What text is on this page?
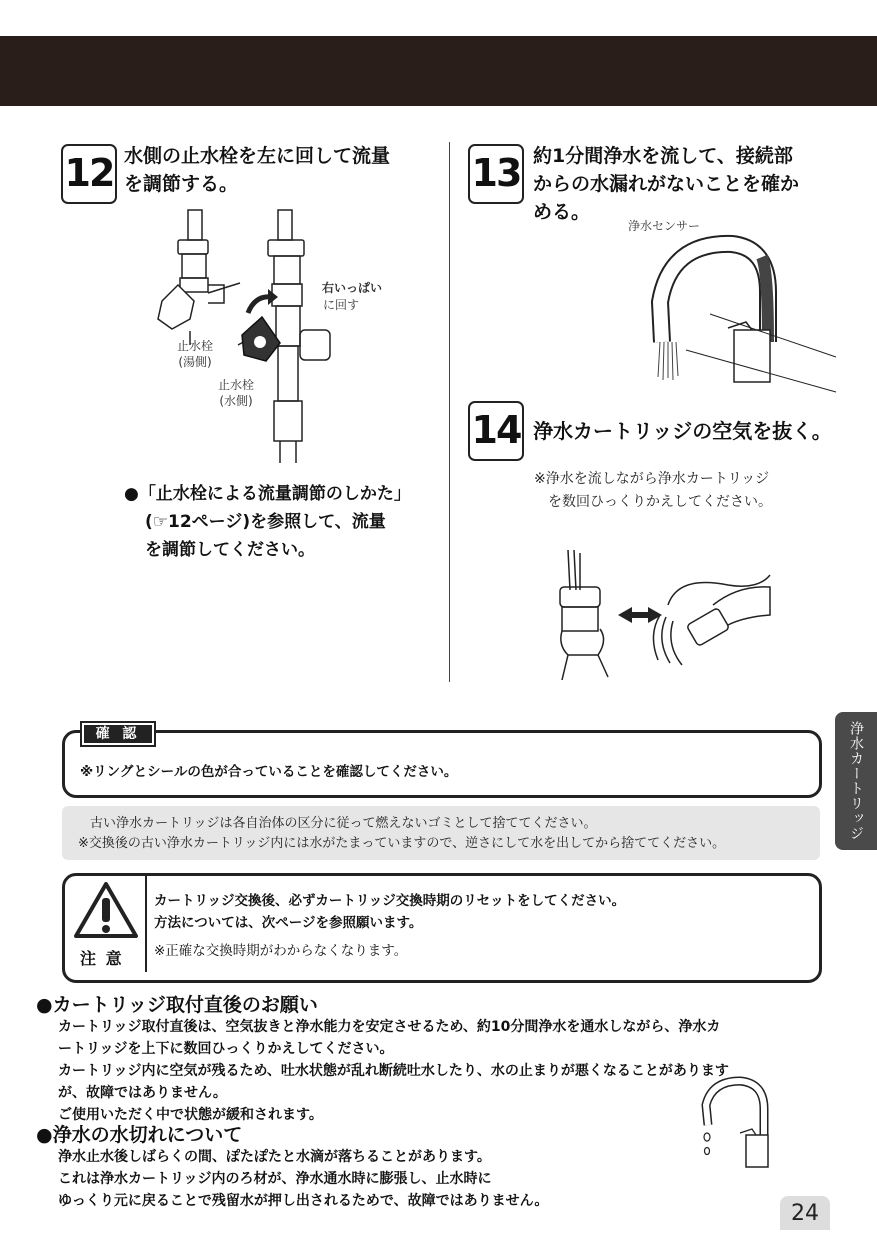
12 水側の止水栓を左に回して流量
を調節する。
右いっぱい
に回す
止水栓
(湯側)
止水栓
(水側)
●「止水栓による流量調節のしかた」
(☞12ページ)を参照して、流量
を調節してください。
13 約1分間浄水を流して、接続部
からの水漏れがないことを確か
める。
浄水センサー
14 浄水カートリッジの空気を抜く。
※浄水を流しながら浄水カートリッジ
を数回ひっくりかえしてください。
浄水カートリッジ
確 認
※リングとシールの色が合っていることを確認してください。
古い浄水カートリッジは各自治体の区分に従って燃えないゴミとして捨ててください。
※交換後の古い浄水カートリッジ内には水がたまっていますので、逆さにして水を出してから捨ててください。
注 意
カートリッジ交換後、必ずカートリッジ交換時期のリセットをしてください。
方法については、次ページを参照願います。
※正確な交換時期がわからなくなります。
●カートリッジ取付直後のお願い
カートリッジ取付直後は、空気抜きと浄水能力を安定させるため、約10分間浄水を通水しながら、浄水カ
ートリッジを上下に数回ひっくりかえしてください。
カートリッジ内に空気が残るため、吐水状態が乱れ断続吐水したり、水の止まりが悪くなることがあります
が、故障ではありません。
ご使用いただく中で状態が緩和されます。
●浄水の水切れについて
浄水止水後しばらくの間、ぽたぽたと水滴が落ちることがあります。
これは浄水カートリッジ内のろ材が、浄水通水時に膨張し、止水時に
ゆっくり元に戻ることで残留水が押し出されるためで、故障ではありません。	24
